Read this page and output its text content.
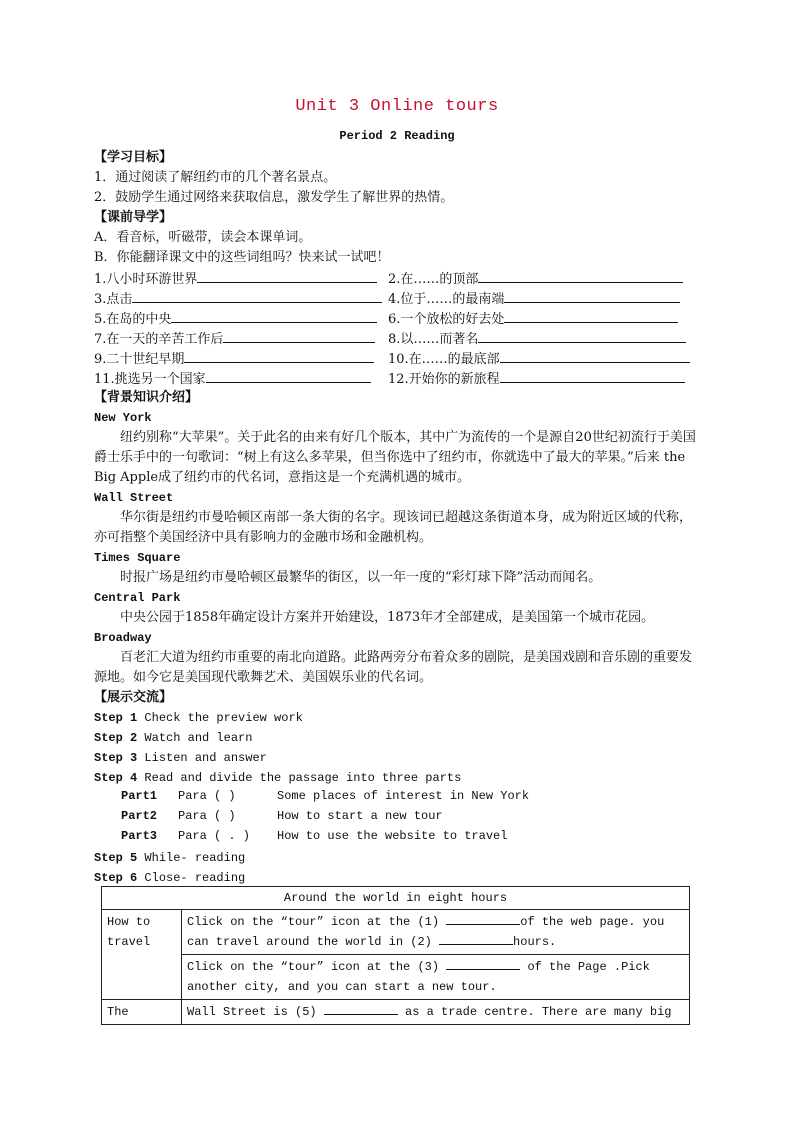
Unit 3 Online tours
Period 2 Reading
【学习目标】
1．通过阅读了解纽约市的几个著名景点。
2．鼓励学生通过网络来获取信息，激发学生了解世界的热情。
【课前导学】
A．看音标，听磁带，读会本课单词。
B．你能翻译课文中的这些词组吗？快来试一试吧！
1.八小时环游世界	2.在……的顶部
3.点击	4.位于……的最南端
5.在岛的中央	6.一个放松的好去处
7.在一天的辛苦工作后	8.以……而著名
9.二十世纪早期	10.在……的最底部
11.挑选另一个国家	12.开始你的新旅程
【背景知识介绍】
New York
纽约别称“大苹果”。关于此名的由来有好几个版本，其中广为流传的一个是源自20世纪初流行于美国爵士乐手中的一句歌词：“树上有这么多苹果，但当你选中了纽约市，你就选中了最大的苹果。”后来 the Big Apple成了纽约市的代名词，意指这是一个充满机遇的城市。
Wall Street
华尔街是纽约市曼哈顿区南部一条大街的名字。现该词已超越这条街道本身，成为附近区域的代称，亦可指整个美国经济中具有影响力的金融市场和金融机构。
Times Square
时报广场是纽约市曼哈顿区最繁华的街区，以一年一度的“彩灯球下降”活动而闻名。
Central Park
中央公园于1858年确定设计方案并开始建设，1873年才全部建成，是美国第一个城市花园。
Broadway
百老汇大道为纽约市重要的南北向道路。此路两旁分布着众多的剧院，是美国戏剧和音乐剧的重要发源地。如今它是美国现代歌舞艺术、美国娱乐业的代名词。
【展示交流】
Step 1 Check the preview work
Step 2 Watch and learn
Step 3 Listen and answer
Step 4 Read and divide the passage into three parts
Part1 Para ( )	Some places of interest in New York
Part2 Para ( )	How to start a new tour
Part3 Para ( . ) How to use the website to travel
Step 5 While- reading
Step 6 Close- reading
Around the world in eight hours	
How to travel	Click on the “tour” icon at the (1) of the web page. you can travel around the world in (2) hours.
	Click on the “tour” icon at the (3) of the Page .Pick another city, and you can start a new tour.
The	Wall Street is (5) as a trade centre. There are many big
